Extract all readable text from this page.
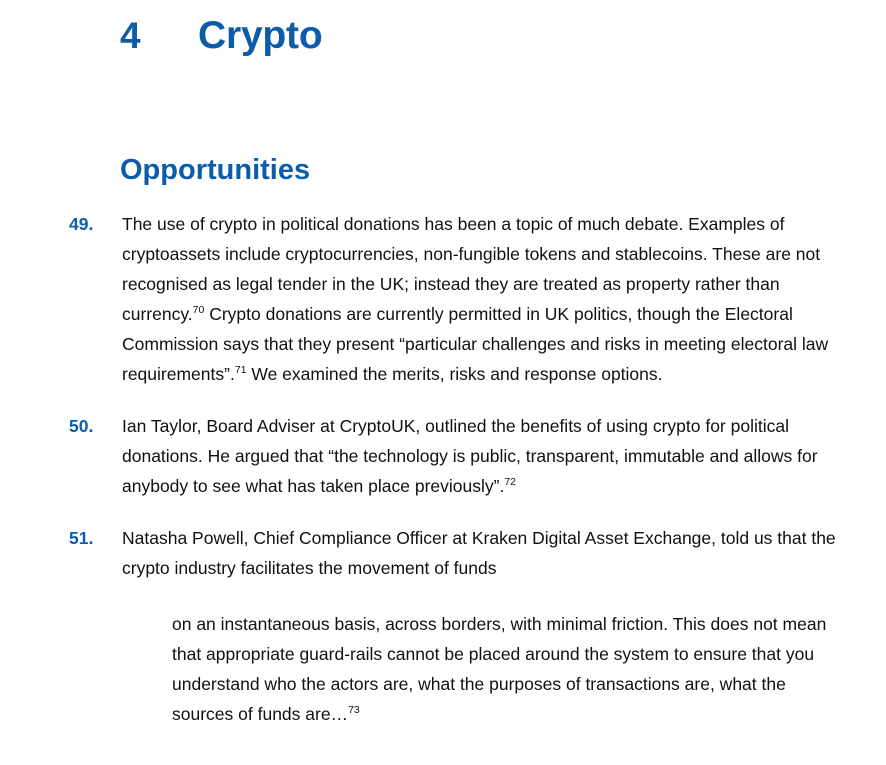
4	Crypto
Opportunities
49.	The use of crypto in political donations has been a topic of much debate. Examples of cryptoassets include cryptocurrencies, non-fungible tokens and stablecoins. These are not recognised as legal tender in the UK; instead they are treated as property rather than currency.$^{70}$ Crypto donations are currently permitted in UK politics, though the Electoral Commission says that they present “particular challenges and risks in meeting electoral law requirements”.$^{71}$ We examined the merits, risks and response options.
50.	Ian Taylor, Board Adviser at CryptoUK, outlined the benefits of using crypto for political donations. He argued that “the technology is public, transparent, immutable and allows for anybody to see what has taken place previously”.$^{72}$
51.	Natasha Powell, Chief Compliance Officer at Kraken Digital Asset Exchange, told us that the crypto industry facilitates the movement of funds
on an instantaneous basis, across borders, with minimal friction. This does not mean that appropriate guard-rails cannot be placed around the system to ensure that you understand who the actors are, what the purposes of transactions are, what the sources of funds are…$^{73}$
